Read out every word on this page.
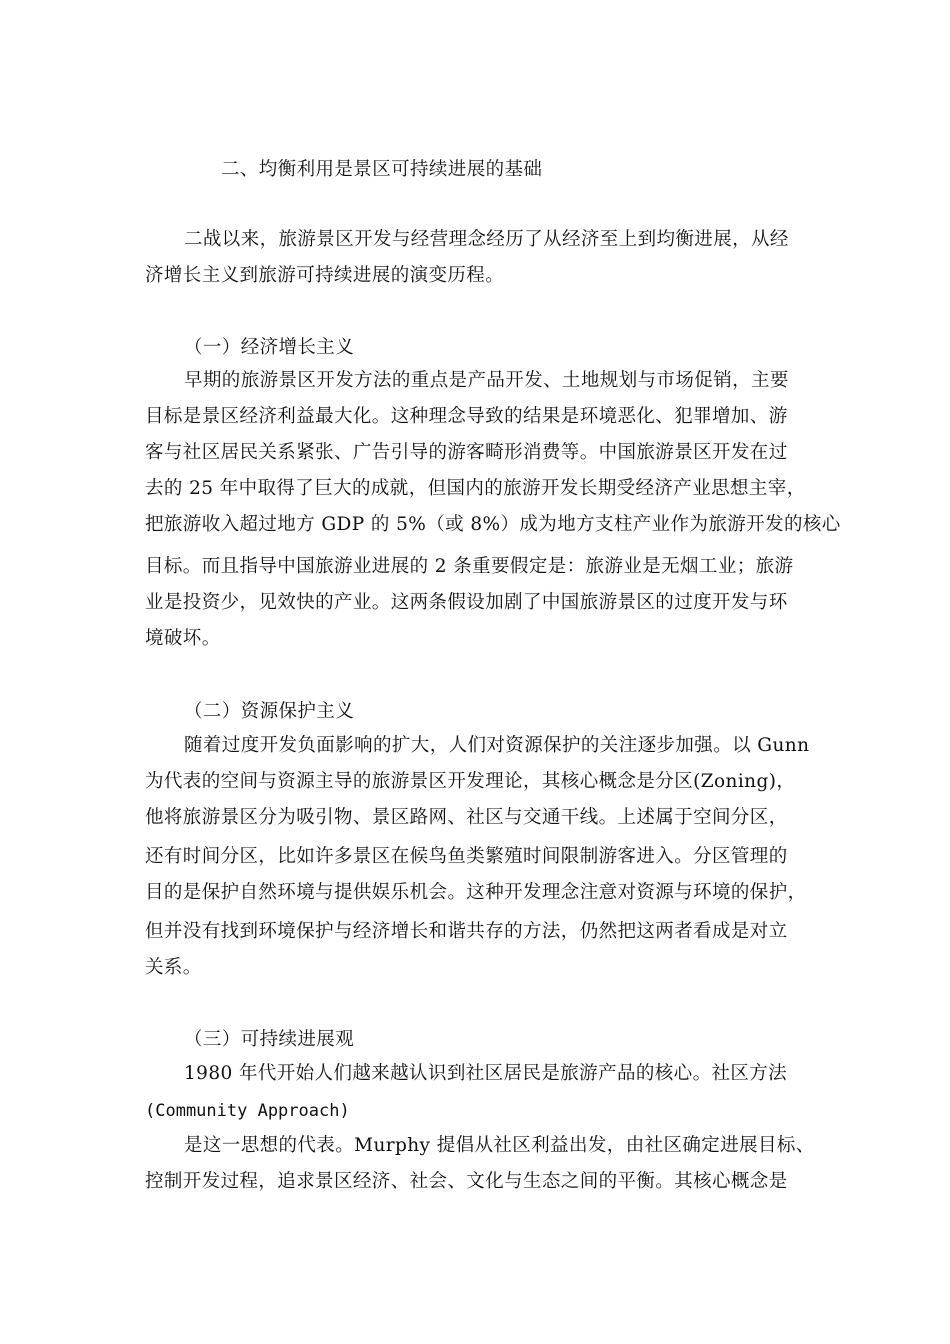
二、均衡利用是景区可持续进展的基础
二战以来，旅游景区开发与经营理念经历了从经济至上到均衡进展，从经
济增长主义到旅游可持续进展的演变历程。
（一）经济增长主义
早期的旅游景区开发方法的重点是产品开发、土地规划与市场促销，主要
目标是景区经济利益最大化。这种理念导致的结果是环境恶化、犯罪增加、游
客与社区居民关系紧张、广告引导的游客畸形消费等。中国旅游景区开发在过
去的 25 年中取得了巨大的成就，但国内的旅游开发长期受经济产业思想主宰，
把旅游收入超过地方 GDP 的 5%（或 8%）成为地方支柱产业作为旅游开发的核心
目标。而且指导中国旅游业进展的 2 条重要假定是：旅游业是无烟工业；旅游
业是投资少，见效快的产业。这两条假设加剧了中国旅游景区的过度开发与环
境破坏。
（二）资源保护主义
随着过度开发负面影响的扩大，人们对资源保护的关注逐步加强。以 Gunn
为代表的空间与资源主导的旅游景区开发理论，其核心概念是分区(Zoning)，
他将旅游景区分为吸引物、景区路网、社区与交通干线。上述属于空间分区，
还有时间分区，比如许多景区在候鸟鱼类繁殖时间限制游客进入。分区管理的
目的是保护自然环境与提供娱乐机会。这种开发理念注意对资源与环境的保护，
但并没有找到环境保护与经济增长和谐共存的方法，仍然把这两者看成是对立
关系。
（三）可持续进展观
1980 年代开始人们越来越认识到社区居民是旅游产品的核心。社区方法
(Community Approach)
是这一思想的代表。Murphy 提倡从社区利益出发，由社区确定进展目标、
控制开发过程，追求景区经济、社会、文化与生态之间的平衡。其核心概念是
